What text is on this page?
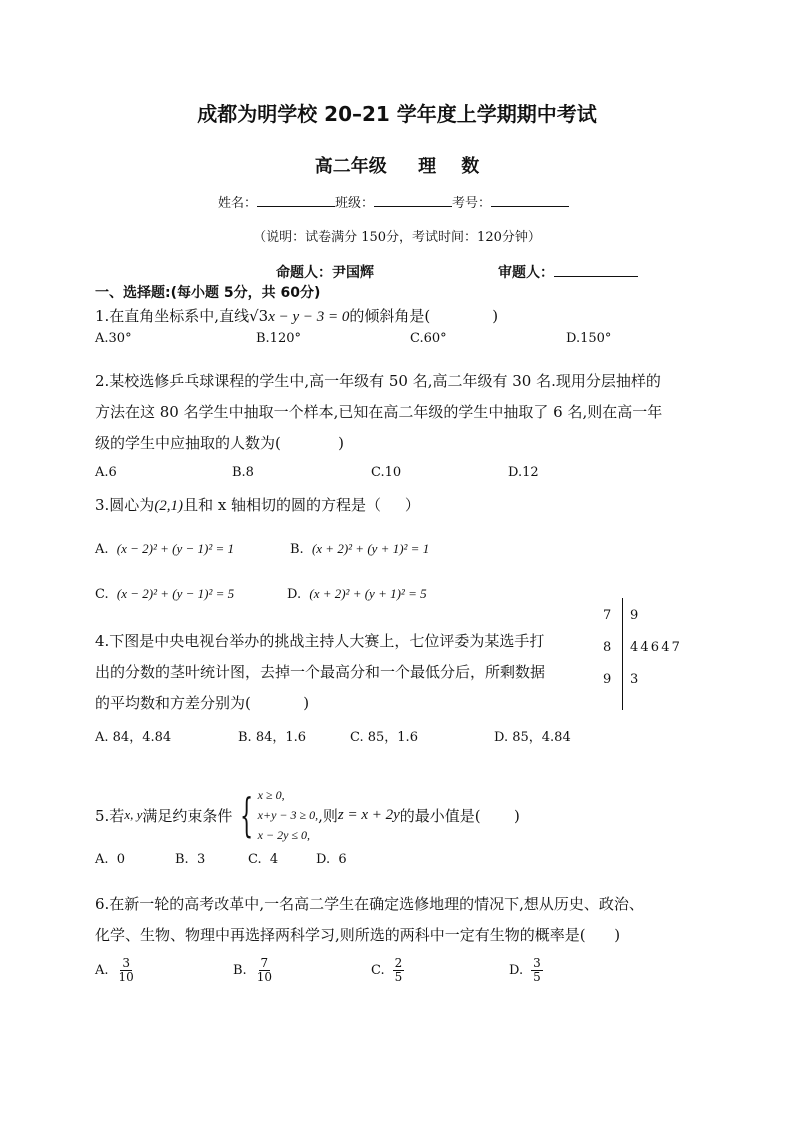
成都为明学校 20–21 学年度上学期期中考试
高二年级     理    数
姓名：	班级：	考号：
（说明：试卷满分 150分，考试时间：120分钟）
命题人：尹国辉	审题人：
一、选择题:(每小题 5分，共 60分)
1.在直角坐标系中,直线√3x − y − 3 = 0的倾斜角是(             )
A.30°	B.120°	C.60°	D.150°
2.某校选修乒乓球课程的学生中,高一年级有 50 名,高二年级有 30 名.现用分层抽样的
方法在这 80 名学生中抽取一个样本,已知在高二年级的学生中抽取了 6 名,则在高一年
级的学生中应抽取的人数为(            )
A.6	B.8	C.10	D.12
3.圆心为(2,1)且和 x 轴相切的圆的方程是（     ）
A. (x − 2)² + (y − 1)² = 1	B. (x + 2)² + (y + 1)² = 1
C. (x − 2)² + (y − 1)² = 5	D. (x + 2)² + (y + 1)² = 5
4.下图是中央电视台举办的挑战主持人大赛上，七位评委为某选手打
出的分数的茎叶统计图，去掉一个最高分和一个最低分后，所剩数据
的平均数和方差分别为(           )
7 9
8 4 4 6 4 7
9 3
A. 84，4.84	B. 84，1.6	C. 85，1.6	D. 85，4.84
5.若 x, y 满足约束条件 { x ≥ 0,
x+y − 3 ≥ 0,
x − 2y ≤ 0,
,则 z = x + 2y 的最小值是(       )
A.  0	B.  3	C.  4	D.  6
6.在新一轮的高考改革中,一名高二学生在确定选修地理的情况下,想从历史、政治、
化学、生物、物理中再选择两科学习,则所选的两科中一定有生物的概率是(      )
A. $\frac{3}{10}$	B. $\frac{7}{10}$	C. $\frac{2}{5}$	D. $\frac{3}{5}$
